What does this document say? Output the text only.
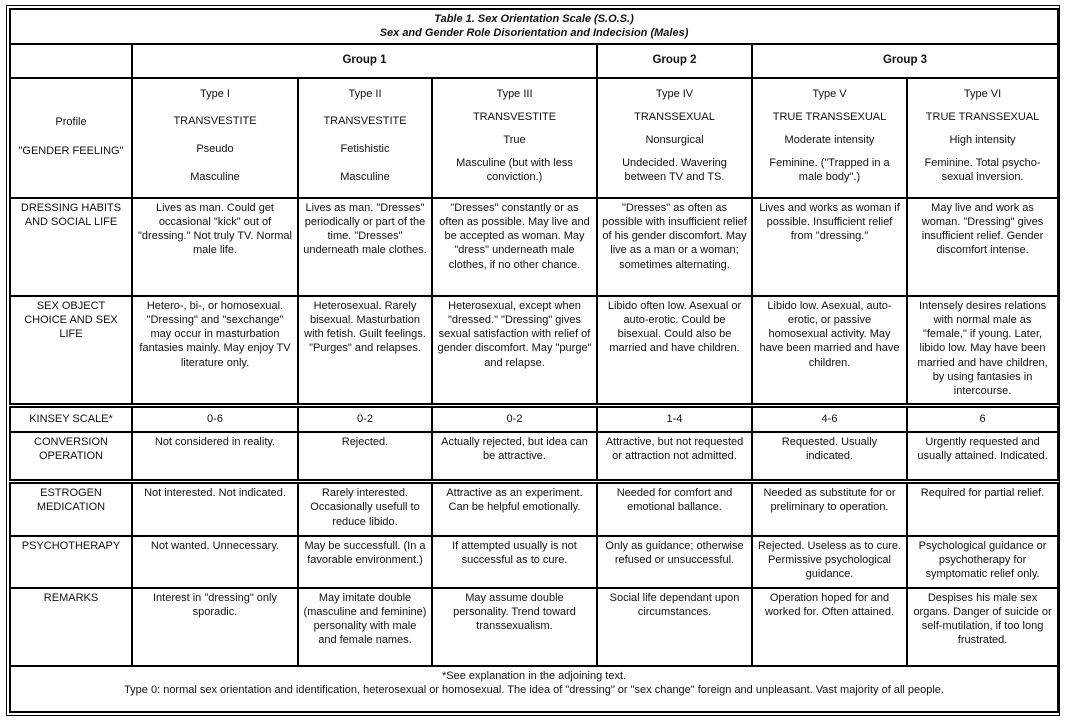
Table 1. Sex Orientation Scale (S.O.S.)
Sex and Gender Role Disorientation and Indecision (Males)						

	Group 1			Group 2	Group 3	

Profile
"GENDER FEELING"	Type I
TRANSVESTITE
Pseudo
Masculine	Type II
TRANSVESTITE
Fetishistic
Masculine	Type III
TRANSVESTITE
True
Masculine (but with less conviction.)	Type IV
TRANSSEXUAL
Nonsurgical
Undecided. Wavering between TV and TS.	Type V
TRUE TRANSSEXUAL
Moderate intensity
Feminine. ("Trapped in a male body".)	Type VI
TRUE TRANSSEXUAL
High intensity
Feminine. Total psycho-sexual inversion.

DRESSING HABITS AND SOCIAL LIFE	Lives as man. Could get occasional "kick" out of "dressing." Not truly TV. Normal male life.	Lives as man. "Dresses" periodically or part of the time. "Dresses" underneath male clothes.	"Dresses" constantly or as often as possible. May live and be accepted as woman. May "dress" underneath male clothes, if no other chance.	"Dresses" as often as possible with insufficient relief of his gender discomfort. May live as a man or a woman; sometimes alternating.	Lives and works as woman if possible. Insufficient relief from "dressing."	May live and work as woman. "Dressing" gives insufficient relief. Gender discomfort intense.
SEX OBJECT CHOICE AND SEX LIFE	Hetero-, bi-, or homosexual. "Dressing" and "sexchange" may occur in masturbation fantasies mainly. May enjoy TV literature only.	Heterosexual. Rarely bisexual. Masturbation with fetish. Guilt feelings. "Purges" and relapses.	Heterosexual, except when "dressed." "Dressing" gives sexual satisfaction with relief of gender discomfort. May "purge" and relapse.	Libido often low. Asexual or auto-erotic. Could be bisexual. Could also be married and have children.	Libido low. Asexual, auto-erotic, or passive homosexual activity. May have been married and have children.	Intensely desires relations with normal male as "female," if young. Later, libido low. May have been married and have children, by using fantasies in intercourse.
KINSEY SCALE*	0-6	0-2	0-2	1-4	4-6	6
CONVERSION OPERATION	Not considered in reality.	Rejected.	Actually rejected, but idea can be attractive.	Attractive, but not requested or attraction not admitted.	Requested. Usually indicated.	Urgently requested and usually attained. Indicated.
ESTROGEN MEDICATION	Not interested. Not indicated.	Rarely interested. Occasionally usefull to reduce libido.	Attractive as an experiment. Can be helpful emotionally.	Needed for comfort and emotional ballance.	Needed as substitute for or preliminary to operation.	Required for partial relief.
PSYCHOTHERAPY	Not wanted. Unnecessary.	May be successfull. (In a favorable environment.)	If attempted usually is not successful as to cure.	Only as guidance; otherwise refused or unsuccessful.	Rejected. Useless as to cure. Permissive psychological guidance.	Psychological guidance or psychotherapy for symptomatic relief only.
REMARKS	Interest in "dressing" only sporadic.	May imitate double (masculine and feminine) personality with male and female names.	May assume double personality. Trend toward transsexualism.	Social life dependant upon circumstances.	Operation hoped for and worked for. Often attained.	Despises his male sex organs. Danger of suicide or self-mutilation, if too long frustrated.

*See explanation in the adjoining text.
Type 0: normal sex orientation and identification, heterosexual or homosexual. The idea of "dressing" or "sex change" foreign and unpleasant. Vast majority of all people.						
